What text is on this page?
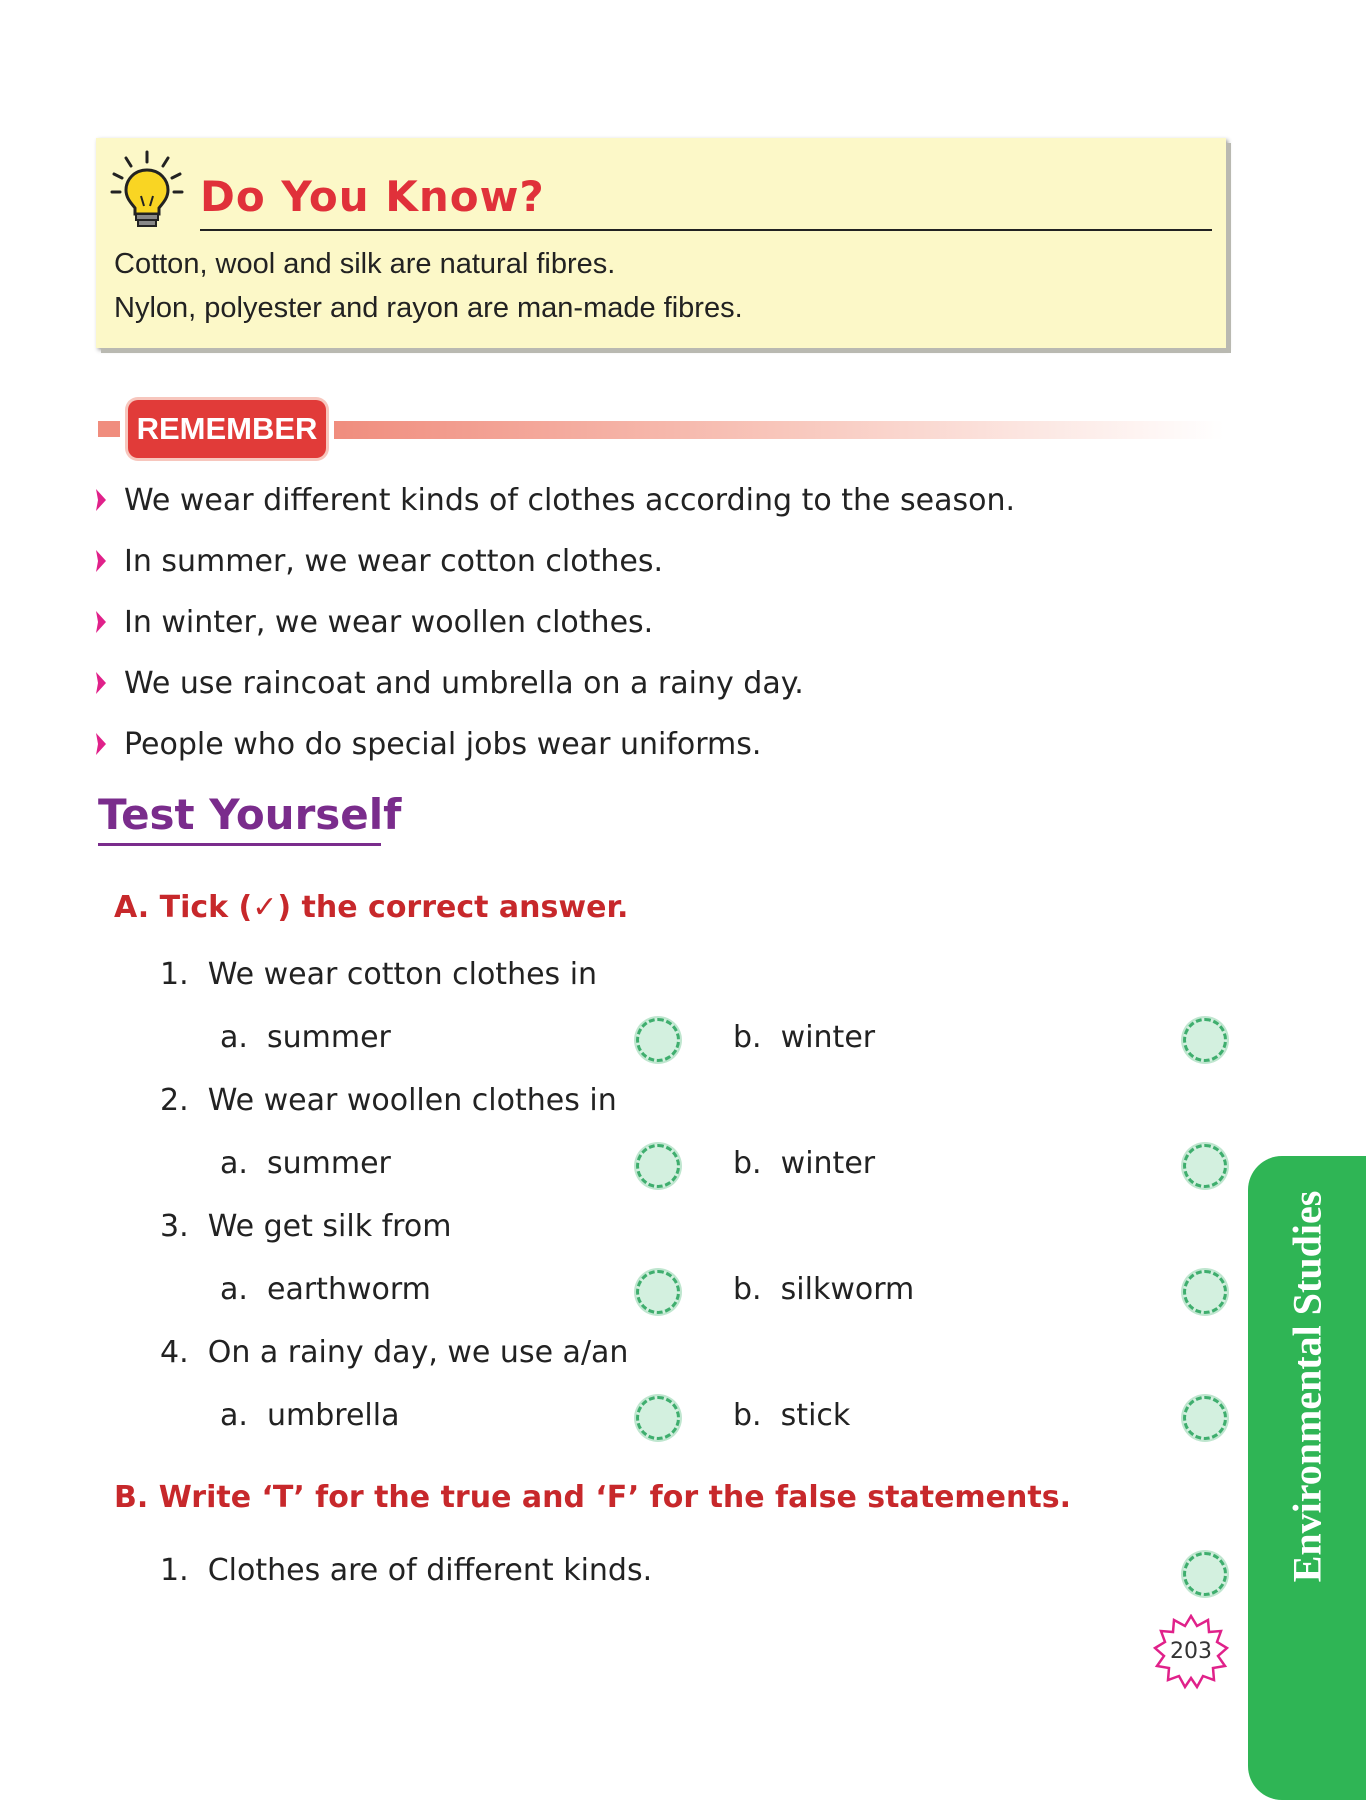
Do You Know?
Cotton, wool and silk are natural fibres.
Nylon, polyester and rayon are man-made fibres.
REMEMBER
We wear different kinds of clothes according to the season.
In summer, we wear cotton clothes.
In winter, we wear woollen clothes.
We use raincoat and umbrella on a rainy day.
People who do special jobs wear uniforms.
Test Yourself
A. Tick (✓) the correct answer.
1. We wear cotton clothes in
a. summer	b. winter
2. We wear woollen clothes in
a. summer	b. winter
3. We get silk from
a. earthworm	b. silkworm
4. On a rainy day, we use a/an
a. umbrella	b. stick
B. Write ‘T’ for the true and ‘F’ for the false statements.
1. Clothes are of different kinds.	Environmental Studies
203
